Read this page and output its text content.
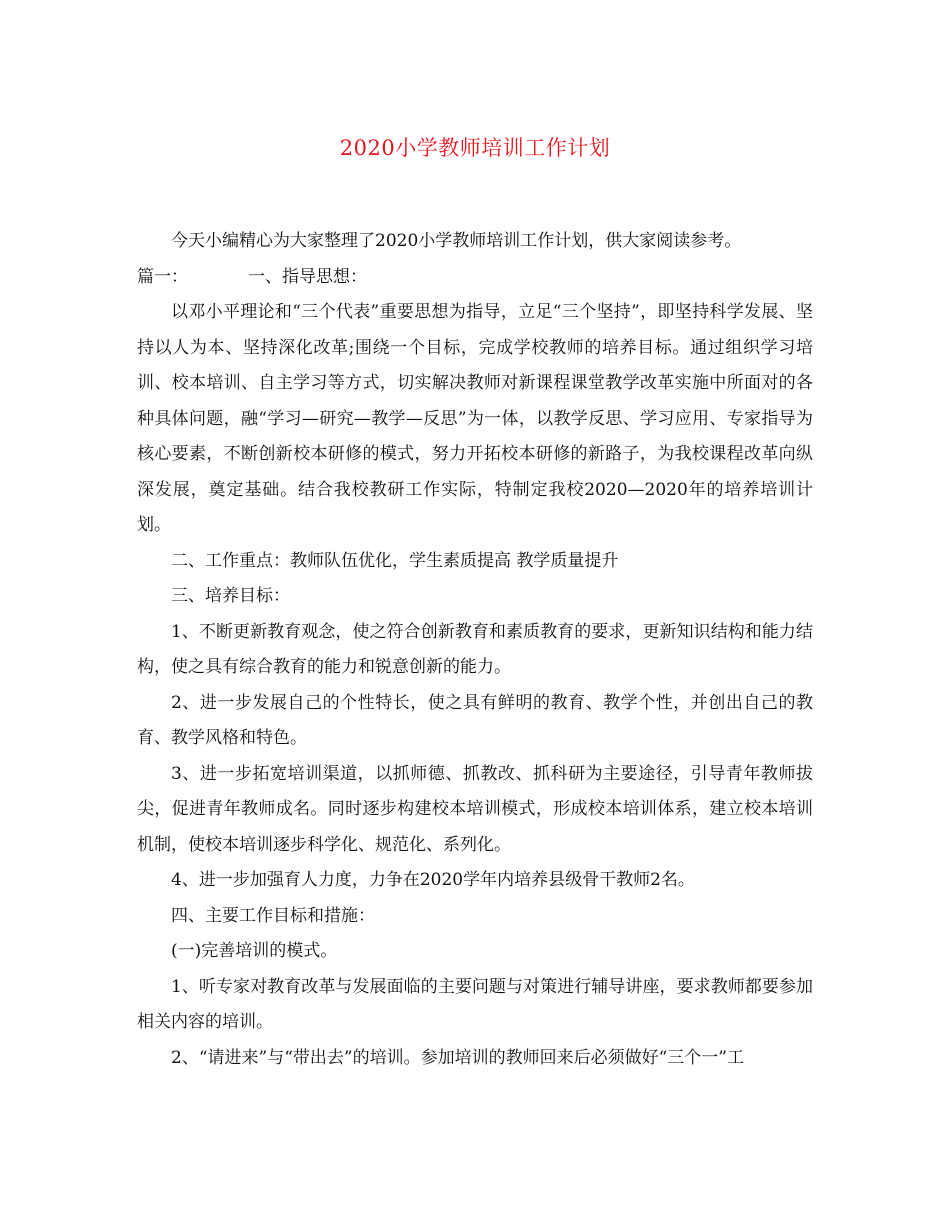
2020小学教师培训工作计划

今天小编精心为大家整理了2020小学教师培训工作计划，供大家阅读参考。

篇一：	一、指导思想：

以邓小平理论和“三个代表”重要思想为指导，立足“三个坚持”，即坚持科学发展、坚持以人为本、坚持深化改革;围绕一个目标，完成学校教师的培养目标。通过组织学习培训、校本培训、自主学习等方式，切实解决教师对新课程课堂教学改革实施中所面对的各种具体问题，融“学习—研究—教学—反思”为一体，以教学反思、学习应用、专家指导为核心要素，不断创新校本研修的模式，努力开拓校本研修的新路子，为我校课程改革向纵深发展，奠定基础。结合我校教研工作实际，特制定我校2020—2020年的培养培训计划。

二、工作重点：教师队伍优化，学生素质提高 教学质量提升

三、培养目标：

1、不断更新教育观念，使之符合创新教育和素质教育的要求，更新知识结构和能力结构，使之具有综合教育的能力和锐意创新的能力。

2、进一步发展自己的个性特长，使之具有鲜明的教育、教学个性，并创出自己的教育、教学风格和特色。

3、进一步拓宽培训渠道，以抓师德、抓教改、抓科研为主要途径，引导青年教师拔尖，促进青年教师成名。同时逐步构建校本培训模式，形成校本培训体系，建立校本培训机制，使校本培训逐步科学化、规范化、系列化。

4、进一步加强育人力度，力争在2020学年内培养县级骨干教师2名。

四、主要工作目标和措施：

(一)完善培训的模式。

1、听专家对教育改革与发展面临的主要问题与对策进行辅导讲座，要求教师都要参加相关内容的培训。

2、“请进来”与“带出去”的培训。参加培训的教师回来后必须做好“三个一”工
